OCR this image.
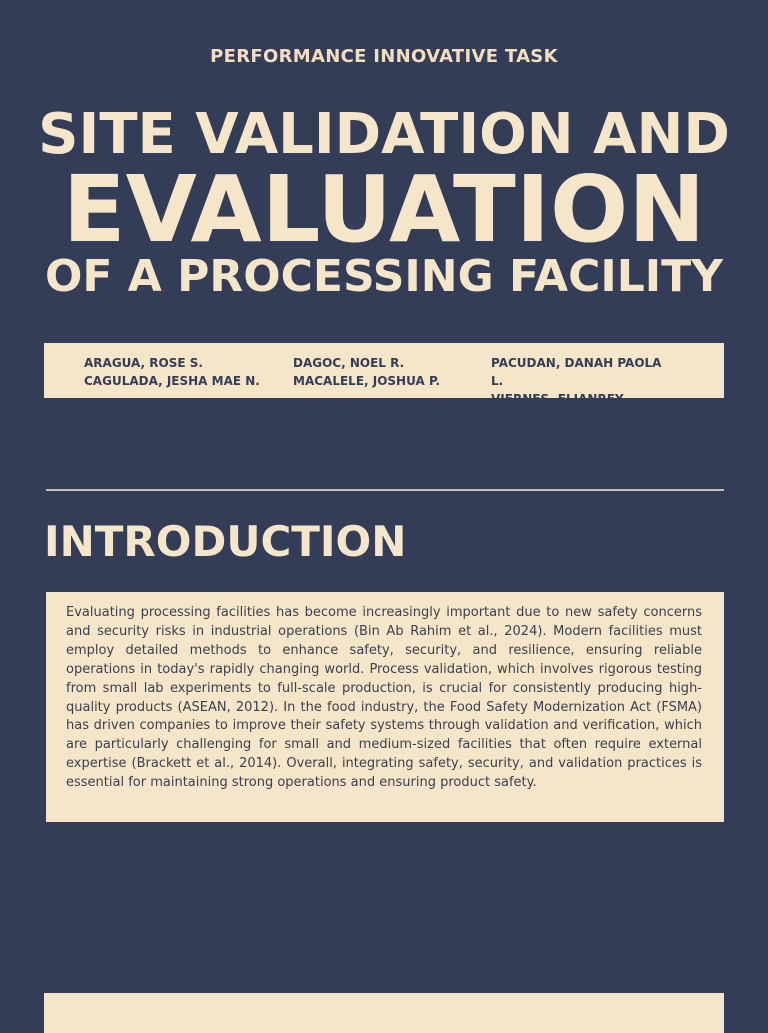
PERFORMANCE INNOVATIVE TASK
SITE VALIDATION AND
EVALUATION
OF A PROCESSING FACILITY
ARAGUA, ROSE S.
CAGULADA, JESHA MAE N.
DAGOC, NOEL R.
MACALELE, JOSHUA P.
PACUDAN, DANAH PAOLA L.
VIERNES, ELIANREY
INTRODUCTION

Evaluating processing facilities has become increasingly important due to new safety concerns and security risks in industrial operations (Bin Ab Rahim et al., 2024). Modern facilities must employ detailed methods to enhance safety, security, and resilience, ensuring reliable operations in today's rapidly changing world. Process validation, which involves rigorous testing from small lab experiments to full-scale production, is crucial for consistently producing high-quality products (ASEAN, 2012). In the food industry, the Food Safety Modernization Act (FSMA) has driven companies to improve their safety systems through validation and verification, which are particularly challenging for small and medium-sized facilities that often require external expertise (Brackett et al., 2014). Overall, integrating safety, security, and validation practices is essential for maintaining strong operations and ensuring product safety.
